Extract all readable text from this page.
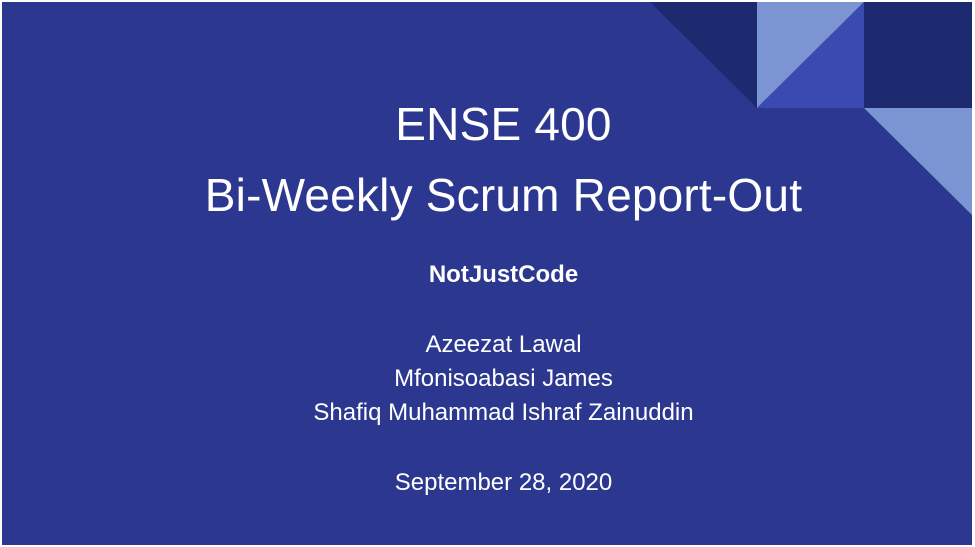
ENSE 400
Bi-Weekly Scrum Report-Out
NotJustCode
Azeezat Lawal
Mfonisoabasi James
Shafiq Muhammad Ishraf Zainuddin
September 28, 2020
